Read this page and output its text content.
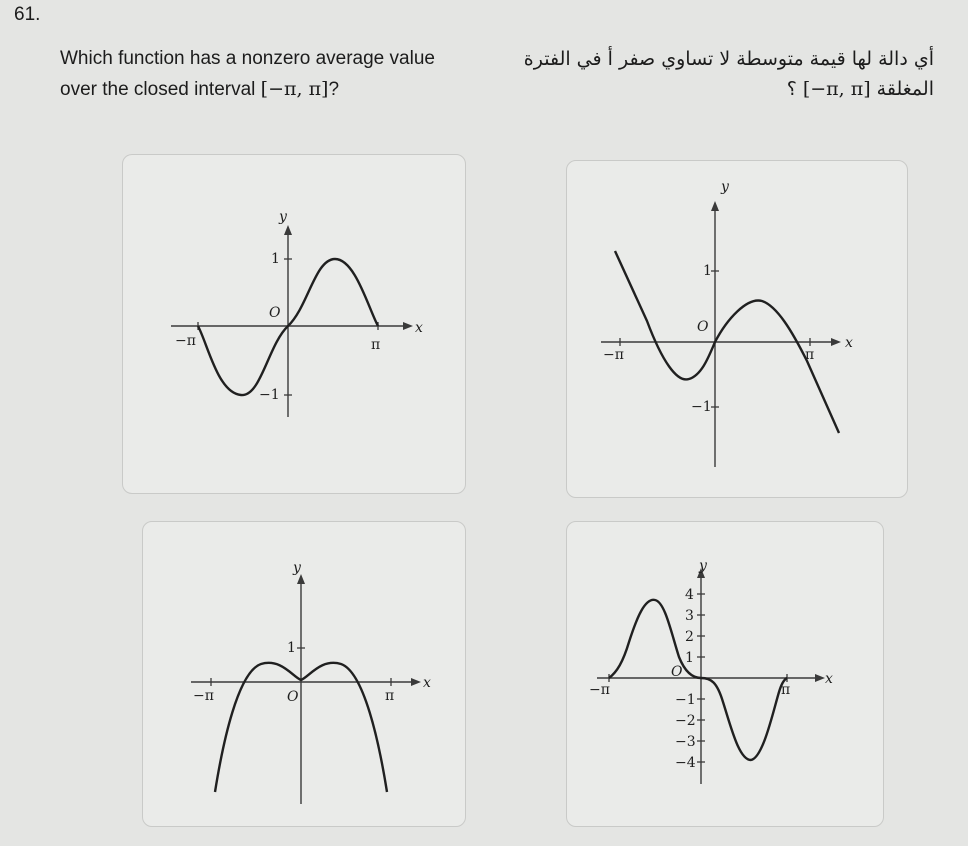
61.
Which function has a nonzero average value
over the closed interval [−π, π]?
أي دالة لها قيمة متوسطة لا تساوي صفر أ في الفترة
المغلقة [−π, π] ؟
y
x
1
−1
O
π
−π
y
x
1
−1
O
π
−π
y
x
1
O	π
−π
y
x
4
3
2
1
O
−1
−2
−3
−4
π
−π
